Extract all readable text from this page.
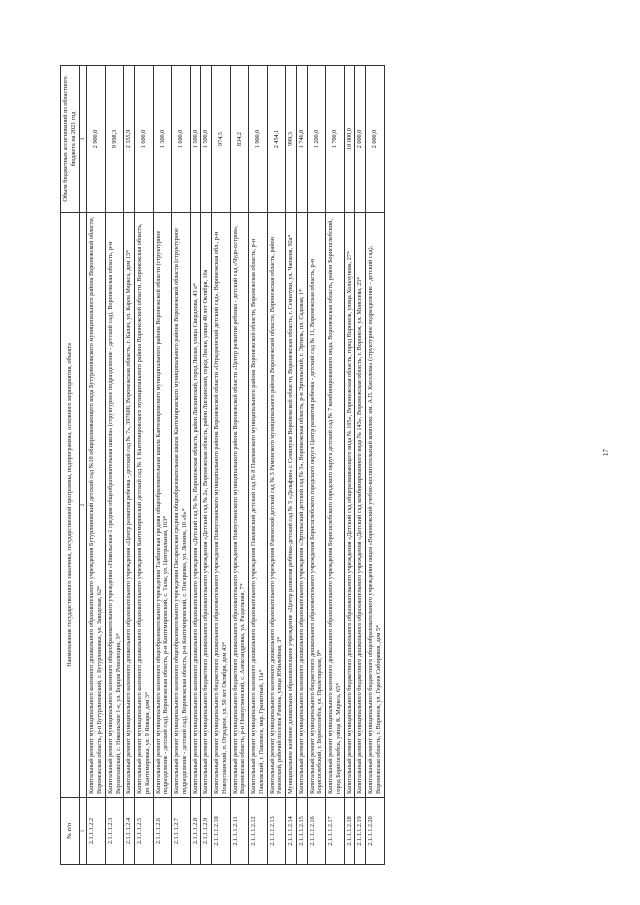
17
№ п/п	Наименование государственного заказчика, государственной программы, подпрограммы, основного мероприятия, объекта	Объем бюджетных ассигнований из областного бюджета на 2021 год
1	2	3
2.1.1.1.2.2	Капитальный ремонт муниципального казенного дошкольного образовательного учреждения Бутурлиновский детский сад №10 общеразвивающего вида Бутурлиновского муниципального района Воронежской области, Воронежская область, р-н Бутурлиновский, г. Бутурлиновка, ул. Заводская, 62*	2 900,0
2.1.1.1.2.3	Капитальный ремонт муниципального казенного общеобразовательного учреждения «Никольская-1 средняя общеобразовательная школа» (структурное подразделение - детский сад), Воронежская область, р-н Верхнехавский, с. Никольское 1-е, ул. Борцов Революции, 3*	9 998,3
2.1.1.1.2.4	Капитальный ремонт муниципального казенного дошкольного образовательного учреждения «Центр развития ребенка - детский сад № 7», 397600, Воронежская область, г. Калач, ул. Карла Маркса, дом 13*	2 355,9
2.1.1.1.2.5	Капитальный ремонт муниципального казенного дошкольного образовательного учреждения Кантемировский детский сад № 1 Кантемировского муниципального района Воронежской области, Воронежская область, рп Кантемировка, ул. 9 Января, дом 3*	1 600,0
2.1.1.1.2.6	Капитальный ремонт муниципального казенного общеобразовательного учреждения Талбинская средняя общеобразовательная школа Кантемировского муниципального района Воронежской области (структурное подразделение - детский сад), Воронежская область, р-н Кантемировский, с. Талы, ул. Центральная, 163*	1 300,0
2.1.1.1.2.7	Капитальный ремонт муниципального казенного общеобразовательного учреждения Писаревская средняя общеобразовательная школа Кантемировского муниципального района Воронежской области (структурное подразделение - детский сад), Воронежская область, р-н Кантемировский, с. Писаревка, ул. Ленина, 10 «б»*	1 600,0
2.1.1.1.2.8	Капитальный ремонт муниципального казенного дошкольного образовательного учреждения «Детский сад № 9», Воронежская область, район Лискинский, город Лиски, улица Свердлова, 43 а*	1 500,0
2.1.1.1.2.9	Капитальный ремонт муниципального бюджетного дошкольного образовательного учреждения «Детский сад № 2», Воронежская область, район Лискинский, город Лиски, улица 40 лет Октября, 16а	1 500,0
2.1.1.1.2.10	Капитальный ремонт муниципального бюджетного дошкольного образовательного учреждения Новоусманского муниципального района Воронежской области «Отрадненский детский сад», Воронежская обл., р-н Новоусманский, п. Отрадное, ул. 50 лет Октября, дом 43*	974,5
2.1.1.1.2.11	Капитальный ремонт муниципального бюджетного дошкольного образовательного учреждения Новоусманского муниципального района Воронежской области «Центр развития ребенка - детский сад «Чудо-остров», Воронежская область, р-н Новоусманский, с. Александровка, ул. Раздельная, 7*	834,2
2.1.1.1.2.12	Капитальный ремонт муниципального казенного дошкольного образовательного учреждения Павловский детский сад № 8 Павловского муниципального района Воронежской области, Воронежская область, р-н Павловский, г. Павловск, мкр. Гранитный, 11а*	1 900,0
2.1.1.1.2.13	Капитальный ремонт муниципального казенного дошкольного образовательного учреждения Рамонский детский сад № 3 Рамонского муниципального района Воронежской области, Воронежская область, район Рамонский, рабочий поселок Рамонь, улица Юбилейная, 3*	2 454,1
2.1.1.1.2.14	Муниципальное казённое дошкольное образовательное учреждение «Центр развития ребёнка-детский сад № 5 «Дельфин» г. Семилуки Воронежской области, Воронежская область, г. Семилуки, ул. Чапаева, 92а*	999,3
2.1.1.1.2.15	Капитальный ремонт муниципального казенного дошкольного образовательного учреждения «Эртильский детский сад № 3», Воронежская область, р-н Эртильский, г. Эртиль, пл. Садовая, 1*	1 746,8
2.1.1.1.2.16	Капитальный ремонт муниципального бюджетного дошкольного образовательного учреждения Борисоглебского городского округа Центр развития ребенка - детский сад № 11, Воронежская область, р-н Борисоглебский, г. Борисоглебск, ул. Пролетарская, 9*	1 200,0
2.1.1.1.2.17	Капитальный ремонт муниципального казенного дошкольного образовательного учреждения Борисоглебского городского округа детский сад № 7 комбинированного вида, Воронежская область, район Борисоглебский, город Борисоглебск, улица К. Маркса, 65*	1 700,0
2.1.1.1.2.18	Капитальный ремонт муниципального бюджетного дошкольного образовательного учреждения «Детский сад общеразвивающего вида № 105», Воронежская область, город Воронеж, улица Хользунова, 27*	10 000,0
2.1.1.1.2.19	Капитальный ремонт муниципального бюджетного дошкольного образовательного учреждения «Детский сад комбинированного вида № 143», Воронежская область, г. Воронеж, ул. Моисеева, 25*	2 000,0
2.1.1.1.2.20	Капитальный ремонт муниципального бюджетного общеобразовательного учреждения лицея «Воронежский учебно-воспитательный комплекс им. А.П. Киселева» (структурное подразделение - детский сад), Воронежская область, г. Воронеж, ул. Героев Сибиряков, дом 5*	2 000,0
